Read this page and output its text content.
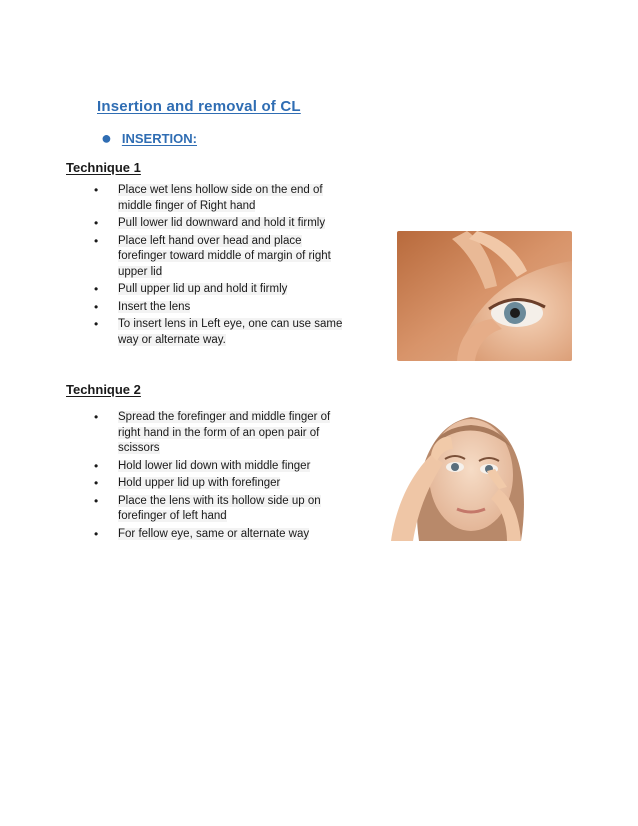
Insertion and removal of CL
● INSERTION:
Technique 1
• Place wet lens hollow side on the end of middle finger of Right hand
• Pull lower lid downward and hold it firmly
• Place left hand over head and place forefinger toward middle of margin of right upper lid
• Pull upper lid up and hold it firmly
• Insert the lens
• To insert lens in Left eye, one can use same way or alternate way.
Technique 2
• Spread the forefinger and middle finger of right hand in the form of an open pair of scissors
• Hold lower lid down with middle finger
• Hold upper lid up with forefinger
• Place the lens with its hollow side up on forefinger of left hand
• For fellow eye, same or alternate way
